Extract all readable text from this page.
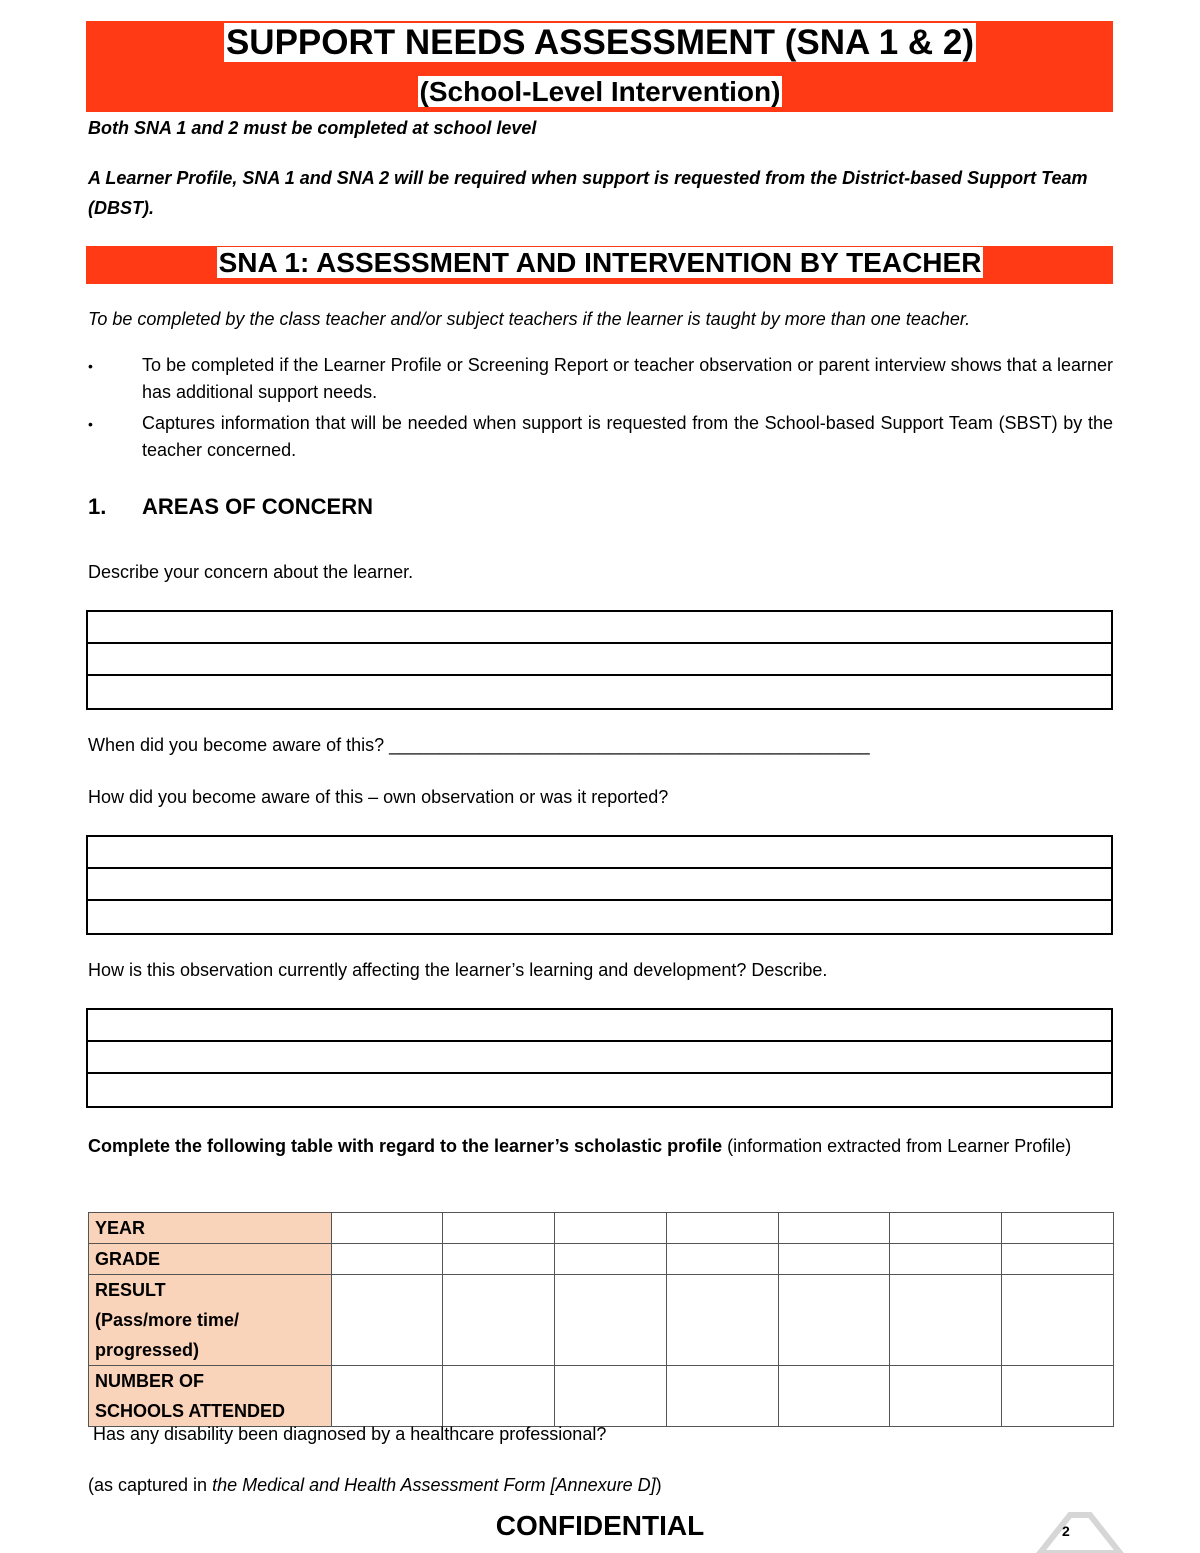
SUPPORT NEEDS ASSESSMENT (SNA 1 & 2)
(School-Level Intervention)
Both SNA 1 and 2 must be completed at school level
A Learner Profile, SNA 1 and SNA 2 will be required when support is requested from the District-based Support Team (DBST).
SNA 1: ASSESSMENT AND INTERVENTION BY TEACHER
To be completed by the class teacher and/or subject teachers if the learner is taught by more than one teacher.
•	To be completed if the Learner Profile or Screening Report or teacher observation or parent interview shows that a learner has additional support needs.
•	Captures information that will be needed when support is requested from the School-based Support Team (SBST) by the teacher concerned.
1. AREAS OF CONCERN
Describe your concern about the learner.
When did you become aware of this? ________________________________________________
How did you become aware of this – own observation or was it reported?
How is this observation currently affecting the learner’s learning and development? Describe.
Complete the following table with regard to the learner’s scholastic profile (information extracted from Learner Profile)
YEAR							
GRADE							

RESULT
(Pass/more time/
progressed)							

NUMBER OF
SCHOOLS ATTENDED							

Has any disability been diagnosed by a healthcare professional?
(as captured in the Medical and Health Assessment Form [Annexure D])
CONFIDENTIAL	2
